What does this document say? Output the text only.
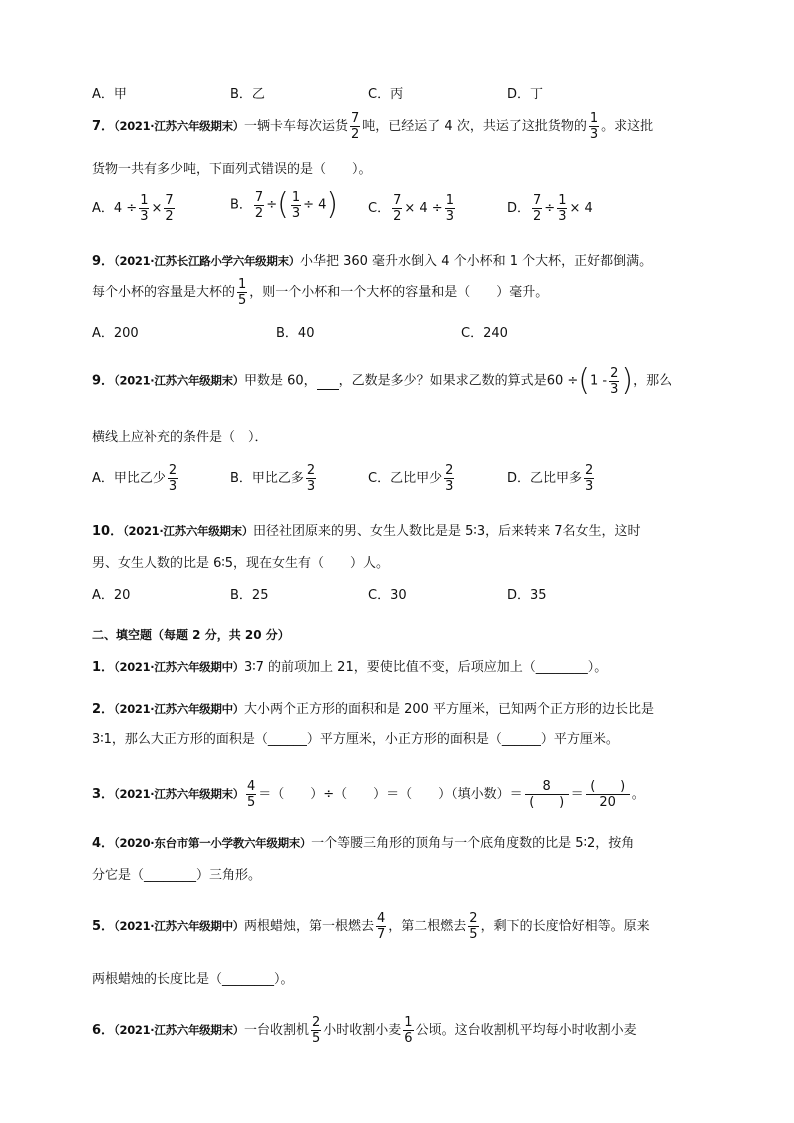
A．甲	B．乙	C．丙	D．丁
7．（2021·江苏六年级期末）一辆卡车每次运货 $\frac{7}{2}$ 吨，已经运了 4 次，共运了这批货物的 $\frac{1}{3}$ 。求这批
货物一共有多少吨，下面列式错误的是（　　）。
A．$4 \div \frac{1}{3} \times \frac{7}{2}$	B． $\frac{7}{2}$ ÷( $\frac{1}{3} \div 4$) C． $\frac{7}{2} \times 4 \div \frac{1}{3}$	D． $\frac{7}{2} \div \frac{1}{3} \times 4$
9．（2021·江苏长江路小学六年级期末）小华把 360 毫升水倒入 4 个小杯和 1 个大杯，正好都倒满。
每个小杯的容量是大杯的 $\frac{1}{5}$ ，则一个小杯和一个大杯的容量和是（　　）毫升。
A．200	B．40	C．240
9．（2021·江苏六年级期末）甲数是 60， ，乙数是多少？如果求乙数的算式是$60 \div(1 - \frac{2}{3}$ )，那么
横线上应补充的条件是（　）．
A．甲比乙少 $\frac{2}{3}$	B．甲比乙多 $\frac{2}{3}$	C．乙比甲少 $\frac{2}{3}$	D．乙比甲多 $\frac{2}{3}$
10．（2021·江苏六年级期末）田径社团原来的男、女生人数比是是 5∶3，后来转来 7名女生，这时
男、女生人数的比是 6∶5，现在女生有（　　）人。
A．20	B．25	C．30	D．35
二、填空题（每题 2 分，共 20 分）
1．（2021·江苏六年级期中）3∶7 的前项加上 21，要使比值不变，后项应加上（________）。
2．（2021·江苏六年级期中）大小两个正方形的面积和是 200 平方厘米，已知两个正方形的边长比是
3∶1，那么大正方形的面积是（______）平方厘米，小正方形的面积是（______）平方厘米。
3．（2021·江苏六年级期末） $\frac{4}{5}$ ＝（　　）÷（　　）＝（　　）（填小数）＝ $\frac{8}{( )} = \frac{( )}{20}$ 。
4．（2020·东台市第一小学教六年级期末）一个等腰三角形的顶角与一个底角度数的比是 5∶2，按角
分它是（________）三角形。
5．（2021·江苏六年级期中）两根蜡烛，第一根燃去 $\frac{4}{7}$ ，第二根燃去 $\frac{2}{5}$ ，剩下的长度恰好相等。原来
两根蜡烛的长度比是（________）。
6．（2021·江苏六年级期末）一台收割机 $\frac{2}{5}$ 小时收割小麦 $\frac{1}{6}$ 公顷。这台收割机平均每小时收割小麦
